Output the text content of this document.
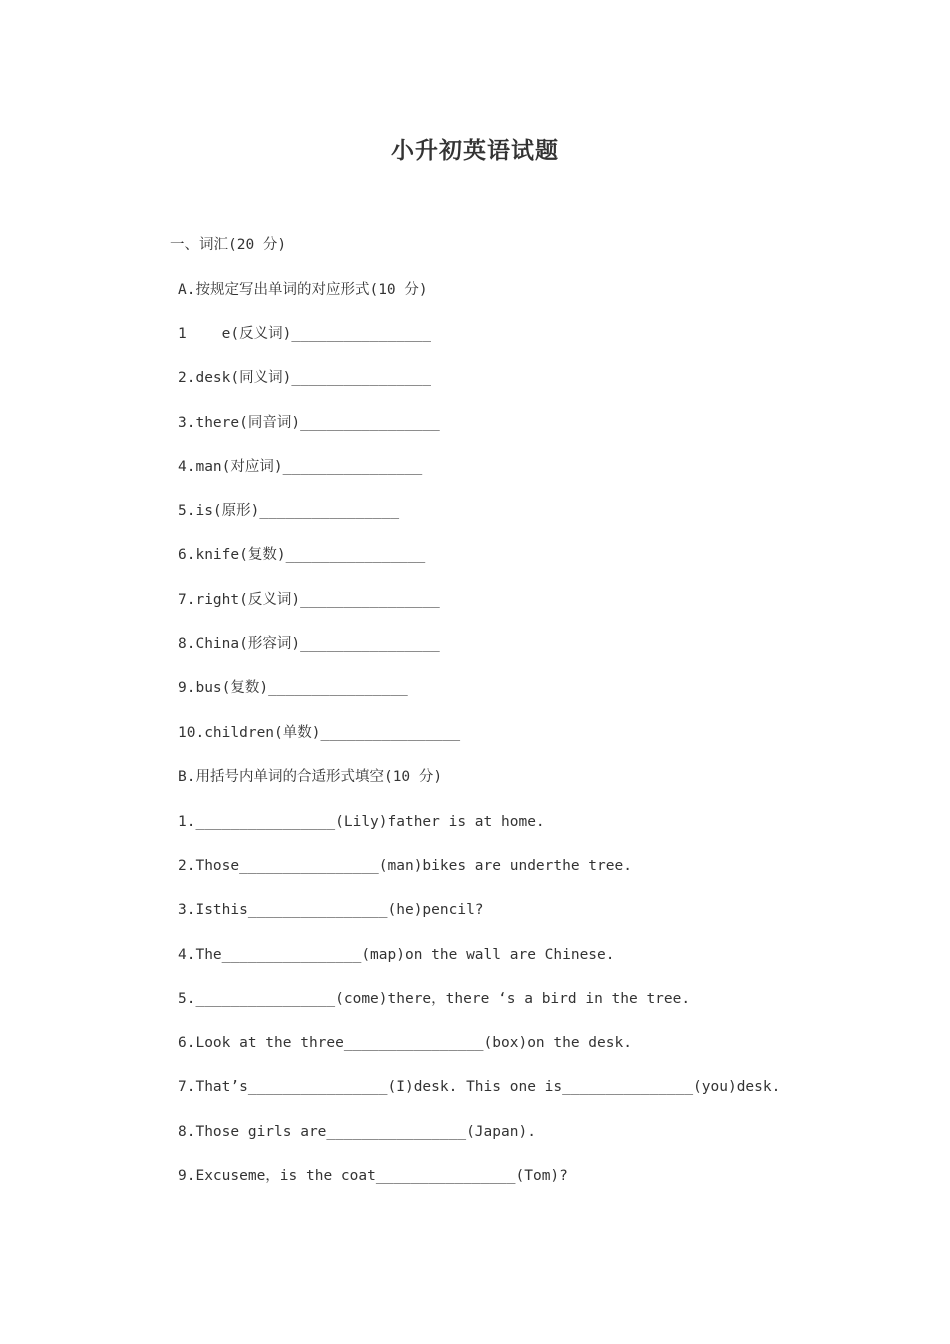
小升初英语试题
一、词汇(20 分)
A.按规定写出单词的对应形式(10 分)
1    e(反义词)________________
2.desk(同义词)________________
3.there(同音词)________________
4.man(对应词)________________
5.is(原形)________________
6.knife(复数)________________
7.right(反义词)________________
8.China(形容词)________________
9.bus(复数)________________
10.children(单数)________________
B.用括号内单词的合适形式填空(10 分)
1.________________(Lily)father is at home.
2.Those________________(man)bikes are underthe tree.
3.Isthis________________(he)pencil?
4.The________________(map)on the wall are Chinese.
5.________________(come)there，there ‘s a bird in the tree.
6.Look at the three________________(box)on the desk.
7.That’s________________(I)desk. This one is_______________(you)desk.
8.Those girls are________________(Japan).
9.Excuseme，is the coat________________(Tom)?
